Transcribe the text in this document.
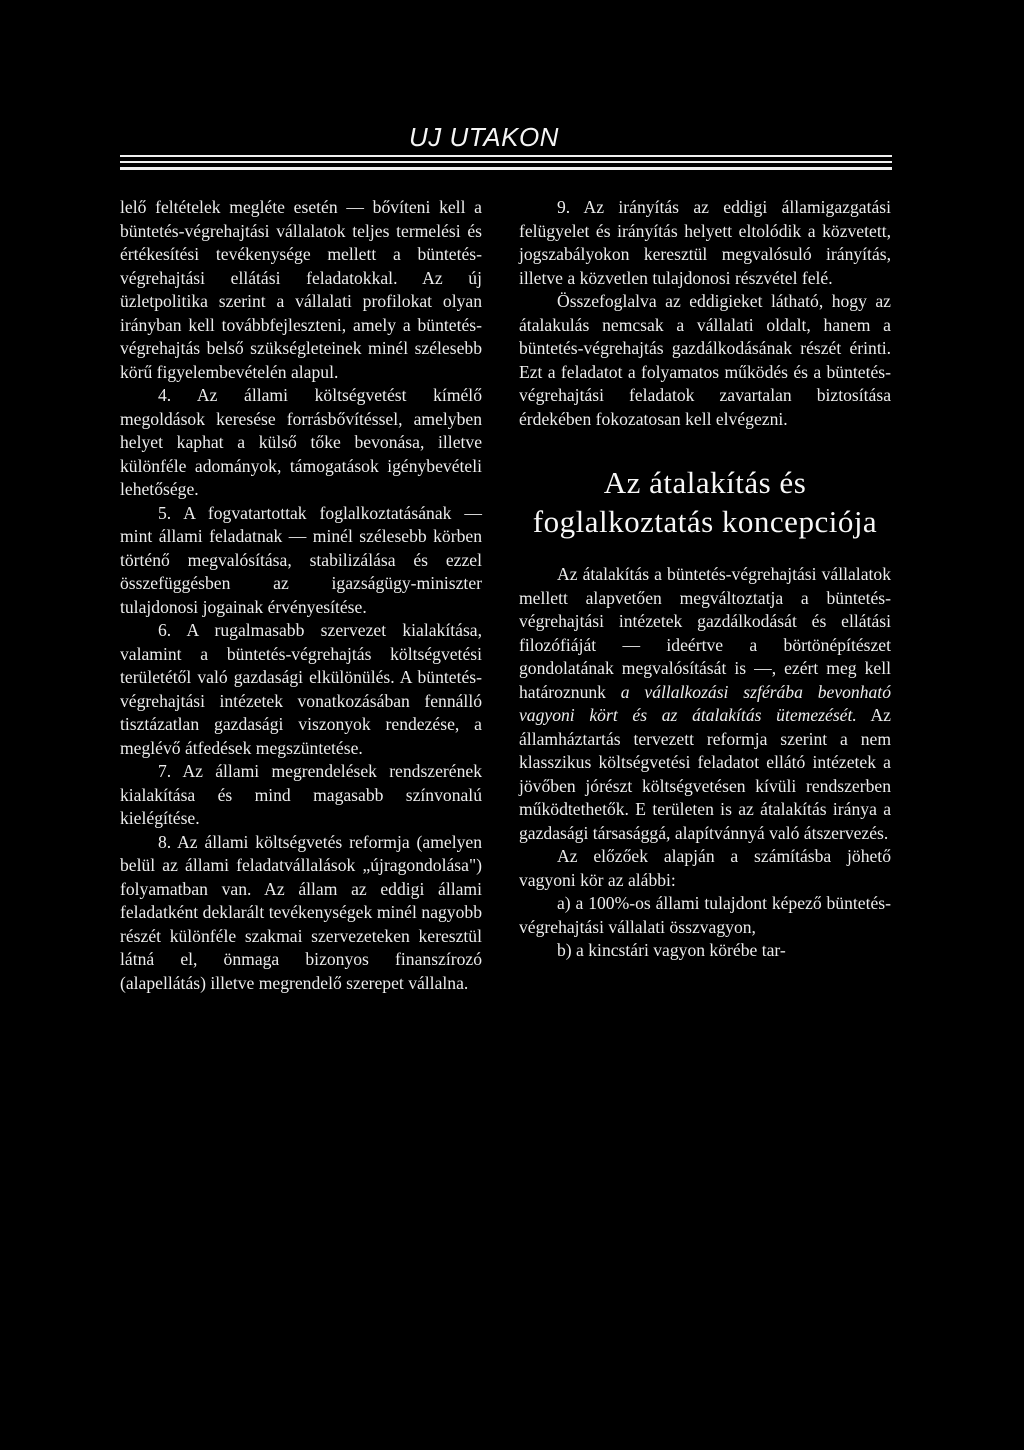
UJ UTAKON

lelő feltételek megléte esetén — bővíteni kell a büntetés-végrehajtási vállalatok teljes termelési és értékesítési tevékenysége mellett a büntetés-végrehajtási ellátási feladatokkal. Az új üzletpolitika szerint a vállalati profilokat olyan irányban kell továbbfejleszteni, amely a büntetés-végrehajtás belső szükségleteinek minél szélesebb körű figyelembevételén alapul.

4. Az állami költségvetést kímélő megoldások keresése forrásbővítéssel, amelyben helyet kaphat a külső tőke bevonása, illetve különféle adományok, támogatások igénybevételi lehetősége.

5. A fogvatartottak foglalkoztatásának — mint állami feladatnak — minél szélesebb körben történő megvalósítása, stabilizálása és ezzel összefüggésben az igazságügy-miniszter tulajdonosi jogainak érvényesítése.

6. A rugalmasabb szervezet kialakítása, valamint a büntetés-végrehajtás költségvetési területétől való gazdasági elkülönülés. A büntetés-végrehajtási intézetek vonatkozásában fennálló tisztázatlan gazdasági viszonyok rendezése, a meglévő átfedések megszüntetése.

7. Az állami megrendelések rendszerének kialakítása és mind magasabb színvonalú kielégítése.

8. Az állami költségvetés reformja (amelyen belül az állami feladatvállalások „újragondolása") folyamatban van. Az állam az eddigi állami feladatként deklarált tevékenységek minél nagyobb részét különféle szakmai szervezeteken keresztül látná el, önmaga bizonyos finanszírozó (alapellátás) illetve megrendelő szerepet vállalna.

9. Az irányítás az eddigi államigazgatási felügyelet és irányítás helyett eltolódik a közvetett, jogszabályokon keresztül megvalósuló irányítás, illetve a közvetlen tulajdonosi részvétel felé.

Összefoglalva az eddigieket látható, hogy az átalakulás nemcsak a vállalati oldalt, hanem a büntetés-végrehajtás gazdálkodásának részét érinti. Ezt a feladatot a folyamatos működés és a büntetés-végrehajtási feladatok zavartalan biztosítása érdekében fokozatosan kell elvégezni.

Az átalakítás és foglalkoztatás koncepciója

Az átalakítás a büntetés-végrehajtási vállalatok mellett alapvetően megváltoztatja a büntetés-végrehajtási intézetek gazdálkodását és ellátási filozófiáját — ideértve a börtönépítészet gondolatának megvalósítását is —, ezért meg kell határoznunk a vállalkozási szférába bevonható vagyoni kört és az átalakítás ütemezését. Az államháztartás tervezett reformja szerint a nem klasszikus költségvetési feladatot ellátó intézetek a jövőben jórészt költségvetésen kívüli rendszerben működtethetők. E területen is az átalakítás iránya a gazdasági társasággá, alapítvánnyá való átszervezés.

Az előzőek alapján a számításba jöhető vagyoni kör az alábbi:

a) a 100%-os állami tulajdont képező büntetés-végrehajtási vállalati összvagyon,

b) a kincstári vagyon körébe tar-
